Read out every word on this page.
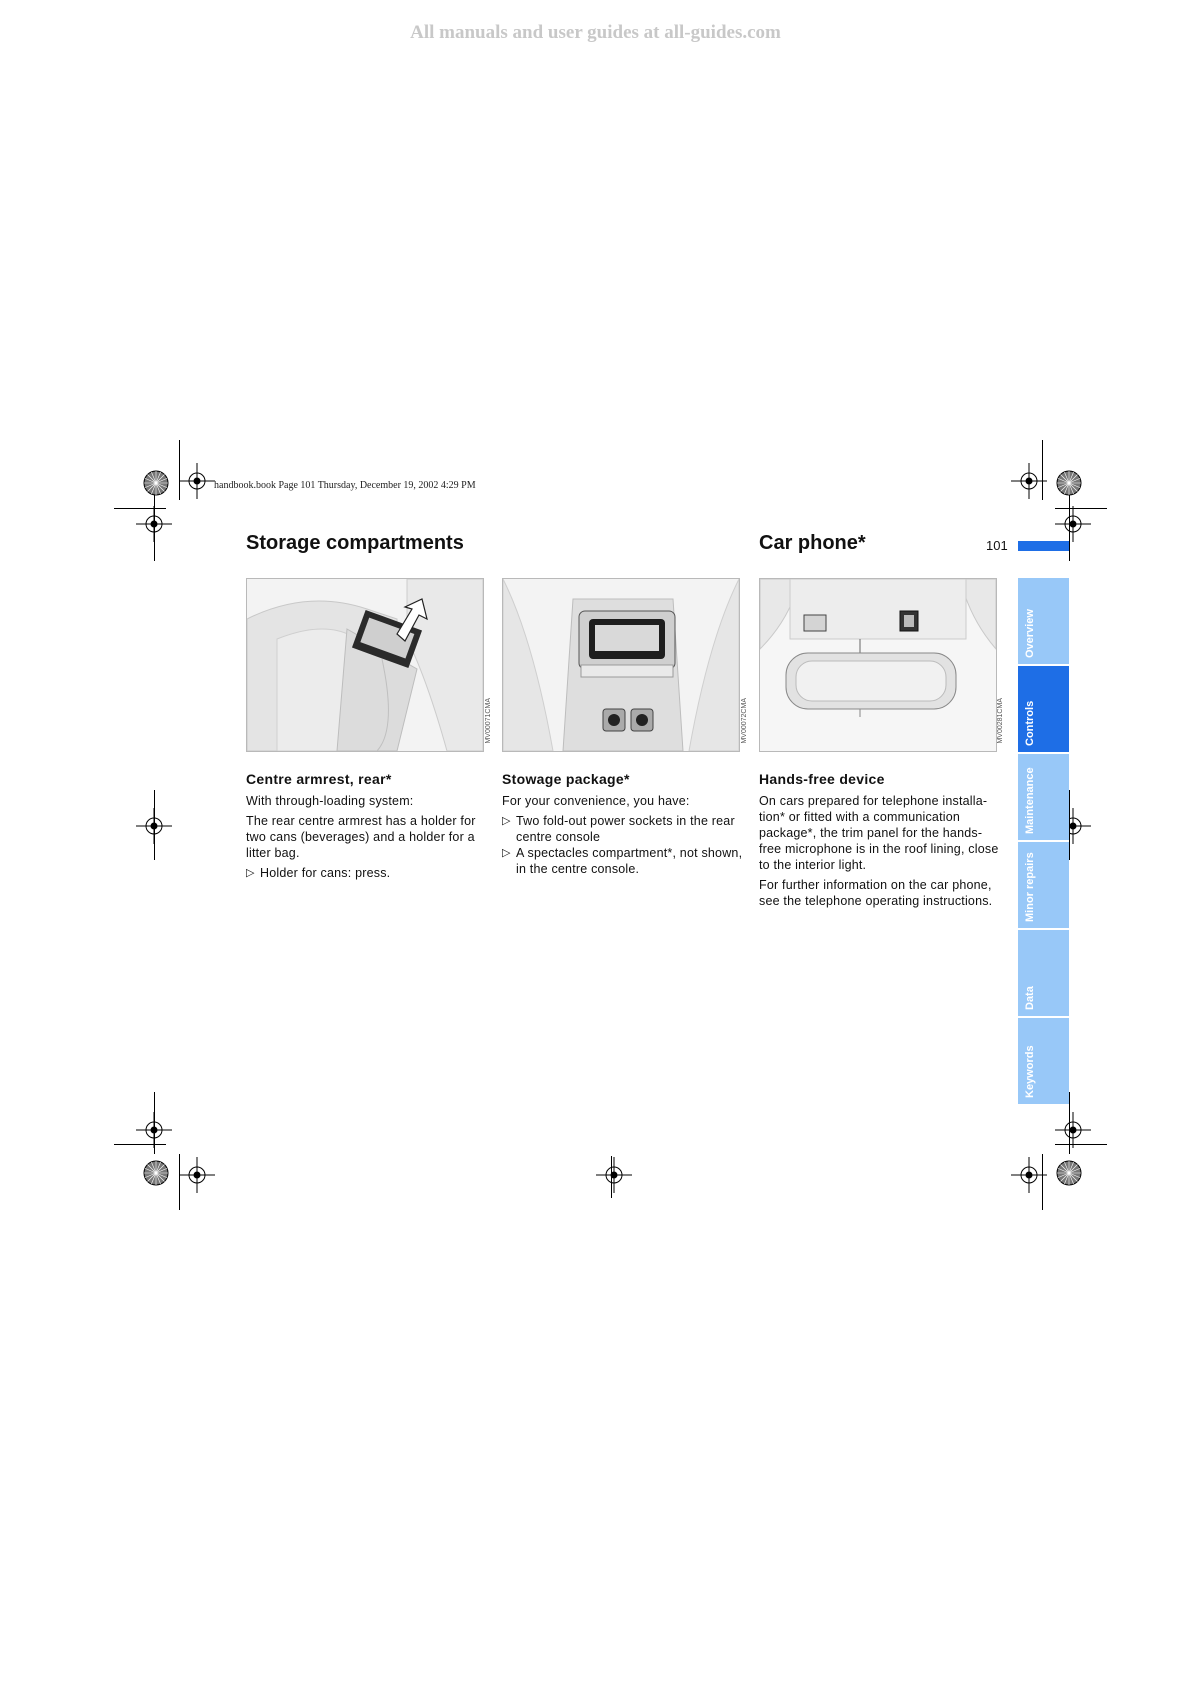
All manuals and user guides at all-guides.com
handbook.book Page 101 Thursday, December 19, 2002 4:29 PM
Storage compartments	Car phone*	101
MV00071CMA	MV00072CMA	MV00281CMA
Centre armrest, rear*

With through-loading system:

The rear centre armrest has a holder for two cans (beverages) and a holder for a litter bag.

▷ Holder for cans: press.
Stowage package*

For your convenience, you have:

▷ Two fold-out power sockets in the rear centre console
▷ A spectacles compartment*, not shown, in the centre console.
Hands-free device

On cars prepared for telephone installa-tion* or fitted with a communication package*, the trim panel for the hands-free microphone is in the roof lining, close to the interior light.

For further information on the car phone, see the telephone operating instructions.

Overview
Controls
Maintenance
Minor repairs
Data
Keywords
